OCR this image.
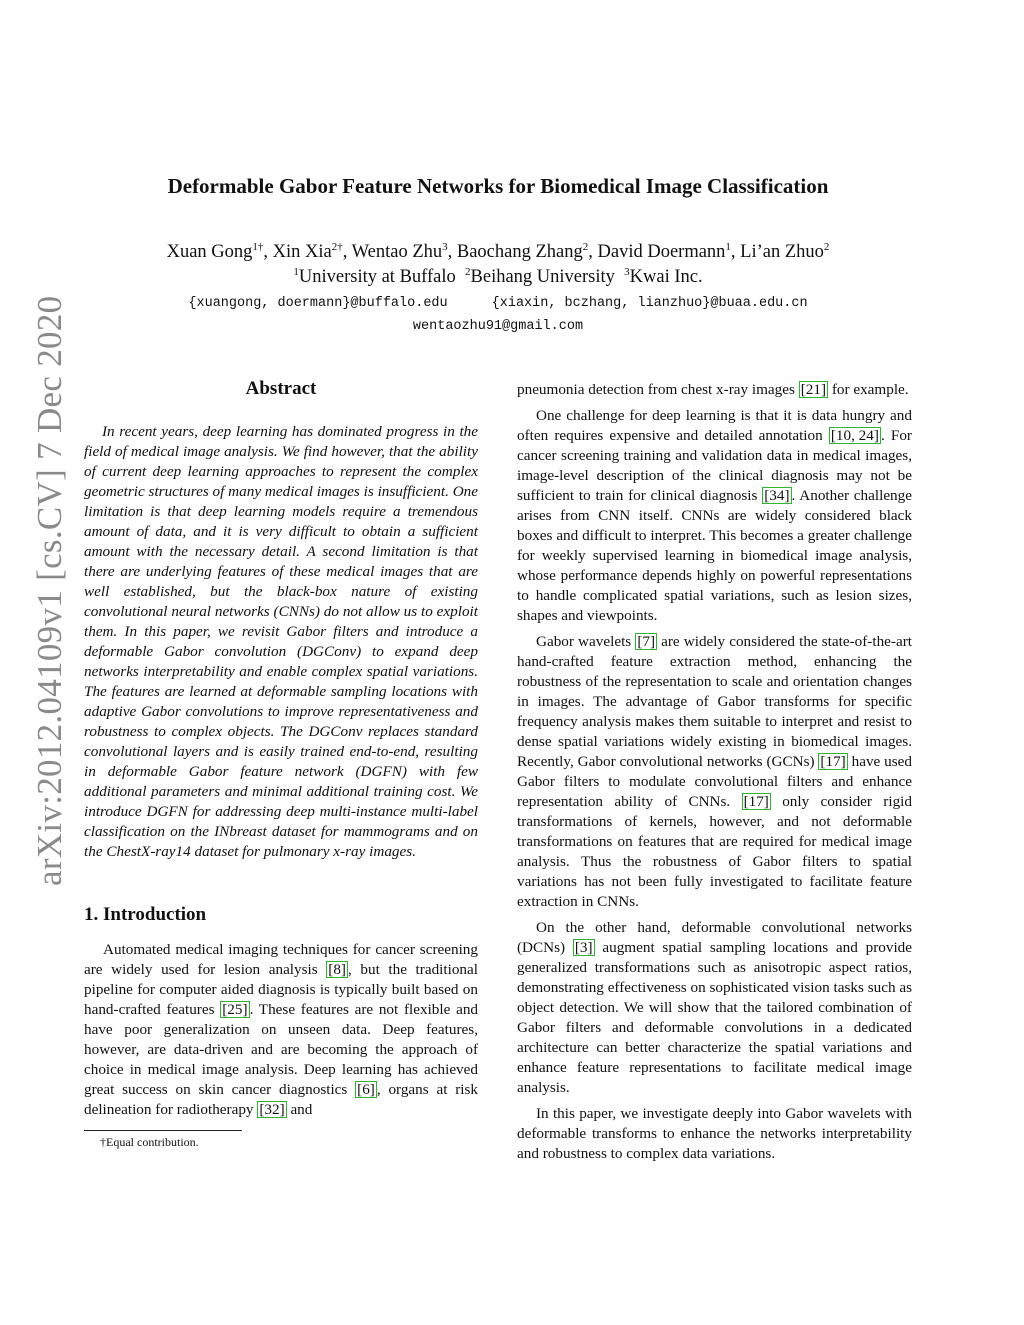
arXiv:2012.04109v1 [cs.CV] 7 Dec 2020
Deformable Gabor Feature Networks for Biomedical Image Classification
Xuan Gong$^{1\dagger}$, Xin Xia$^{2\dagger}$, Wentao Zhu$^3$, Baochang Zhang$^2$, David Doermann$^1$, Li’an Zhuo$^2$
$^1$University at Buffalo $^2$Beihang University $^3$Kwai Inc.
{xuangong, doermann}@buffalo.edu	{xiaxin, bczhang, lianzhuo}@buaa.edu.cn
wentaozhu91@gmail.com
Abstract

In recent years, deep learning has dominated progress in the field of medical image analysis. We find however, that the ability of current deep learning approaches to represent the complex geometric structures of many medical images is insufficient. One limitation is that deep learning models require a tremendous amount of data, and it is very difficult to obtain a sufficient amount with the necessary detail. A second limitation is that there are underlying features of these medical images that are well established, but the black-box nature of existing convolutional neural networks (CNNs) do not allow us to exploit them. In this paper, we revisit Gabor filters and introduce a deformable Gabor convolution (DGConv) to expand deep networks interpretability and enable complex spatial variations. The features are learned at deformable sampling locations with adaptive Gabor convolutions to improve representativeness and robustness to complex objects. The DGConv replaces standard convolutional layers and is easily trained end-to-end, resulting in deformable Gabor feature network (DGFN) with few additional parameters and minimal additional training cost. We introduce DGFN for addressing deep multi-instance multi-label classification on the INbreast dataset for mammograms and on the ChestX-ray14 dataset for pulmonary x-ray images.

1. Introduction

Automated medical imaging techniques for cancer screening are widely used for lesion analysis [8] , but the traditional pipeline for computer aided diagnosis is typically built based on hand-crafted features [25] . These features are not flexible and have poor generalization on unseen data. Deep features, however, are data-driven and are becoming the approach of choice in medical image analysis. Deep learning has achieved great success on skin cancer diagnostics [6] , organs at risk delineation for radiotherapy [32] and

†Equal contribution.

pneumonia detection from chest x-ray images [21] for example.

One challenge for deep learning is that it is data hungry and often requires expensive and detailed annotation [10, 24] . For cancer screening training and validation data in medical images, image-level description of the clinical diagnosis may not be sufficient to train for clinical diagnosis [34] . Another challenge arises from CNN itself. CNNs are widely considered black boxes and difficult to interpret. This becomes a greater challenge for weekly supervised learning in biomedical image analysis, whose performance depends highly on powerful representations to handle complicated spatial variations, such as lesion sizes, shapes and viewpoints.

Gabor wavelets [7] are widely considered the state-of-the-art hand-crafted feature extraction method, enhancing the robustness of the representation to scale and orientation changes in images. The advantage of Gabor transforms for specific frequency analysis makes them suitable to interpret and resist to dense spatial variations widely existing in biomedical images. Recently, Gabor convolutional networks (GCNs) [17] have used Gabor filters to modulate convolutional filters and enhance representation ability of CNNs. [17] only consider rigid transformations of kernels, however, and not deformable transformations on features that are required for medical image analysis. Thus the robustness of Gabor filters to spatial variations has not been fully investigated to facilitate feature extraction in CNNs.

On the other hand, deformable convolutional networks (DCNs) [3] augment spatial sampling locations and provide generalized transformations such as anisotropic aspect ratios, demonstrating effectiveness on sophisticated vision tasks such as object detection. We will show that the tailored combination of Gabor filters and deformable convolutions in a dedicated architecture can better characterize the spatial variations and enhance feature representations to facilitate medical image analysis.

In this paper, we investigate deeply into Gabor wavelets with deformable transforms to enhance the networks interpretability and robustness to complex data variations.
